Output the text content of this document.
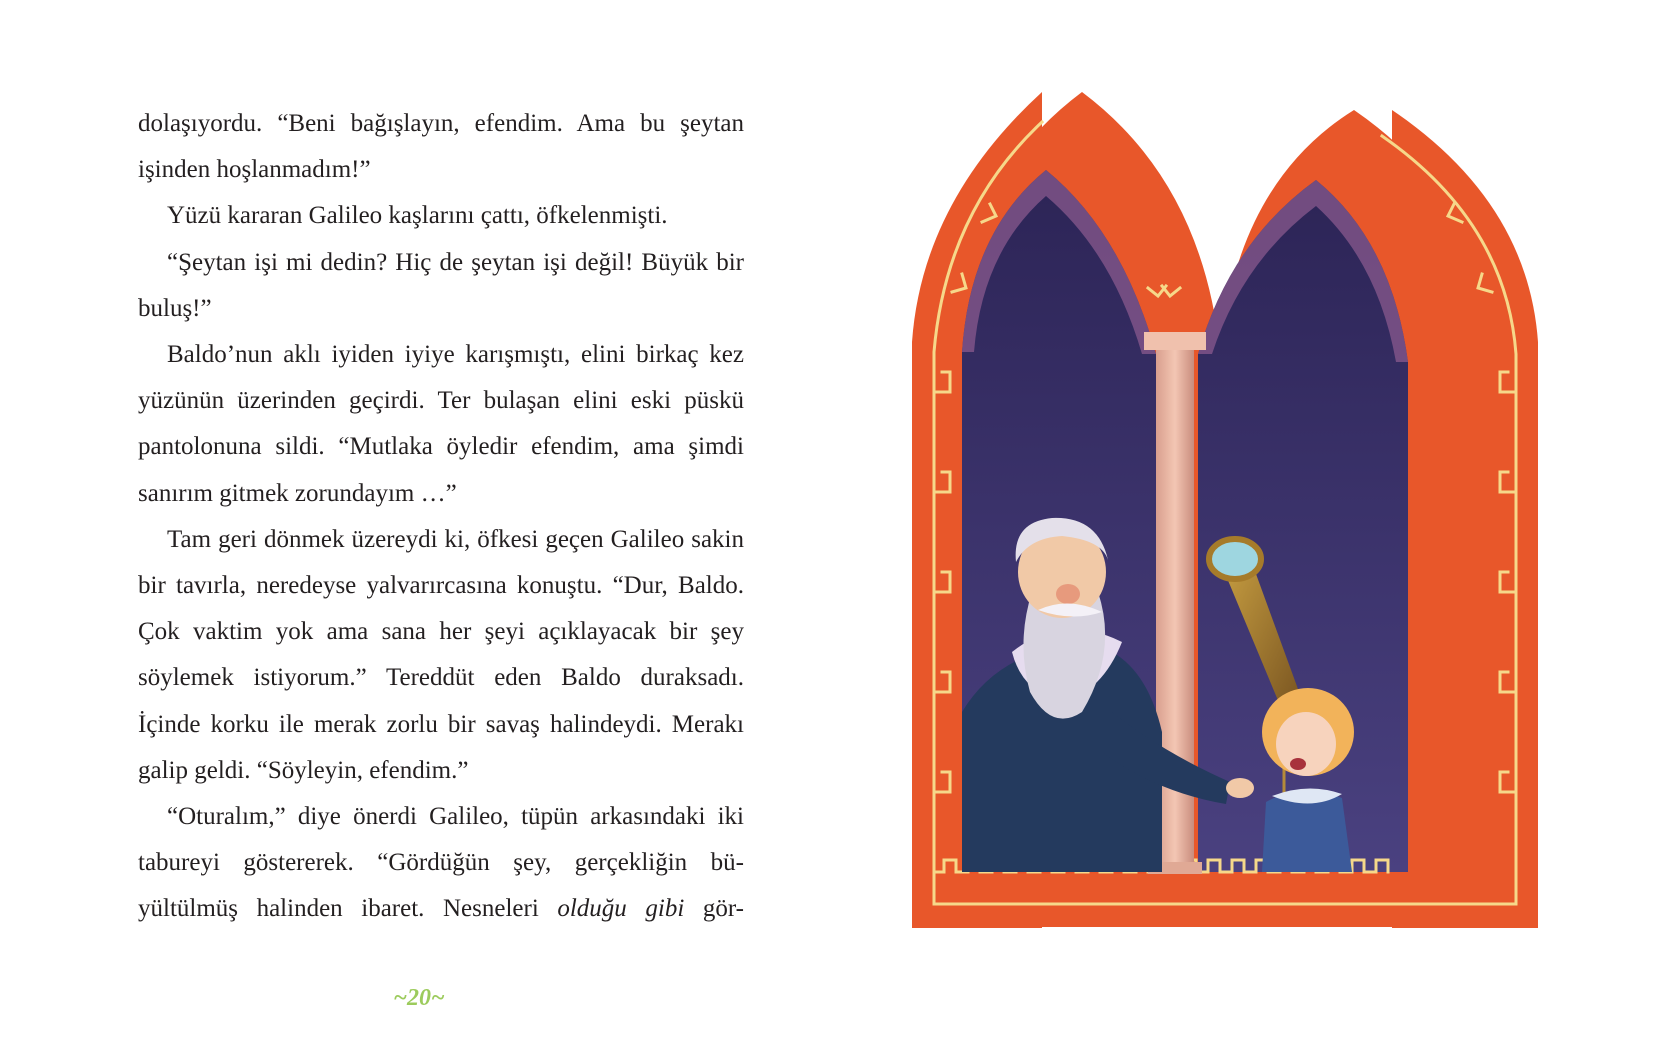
dolaşıyordu. “Beni bağışlayın, efendim. Ama bu şeytan işinden hoşlanmadım!”

Yüzü kararan Galileo kaşlarını çattı, öfkelenmişti.

“Şeytan işi mi dedin? Hiç de şeytan işi değil! Büyük bir buluş!”

Baldo’nun aklı iyiden iyiye karışmıştı, elini birkaç kez yüzünün üzerinden geçirdi. Ter bulaşan elini eski püskü pantolonuna sildi. “Mutlaka öyledir efendim, ama şimdi sanırım gitmek zorundayım …”

Tam geri dönmek üzereydi ki, öfkesi geçen Galileo sakin bir tavırla, neredeyse yalvarırcasına konuştu. “Dur, Baldo. Çok vaktim yok ama sana her şeyi açıklayacak bir şey söylemek istiyorum.” Tereddüt eden Baldo duraksadı. İçinde korku ile merak zorlu bir savaş halindeydi. Merakı galip geldi. “Söyleyin, efendim.”

“Oturalım,” diye önerdi Galileo, tüpün arkasındaki iki tabureyi göstererek. “Gördüğün şey, gerçekliğin büyültülmüş halinden ibaret. Nesneleri olduğu gibi gör-

~20~
